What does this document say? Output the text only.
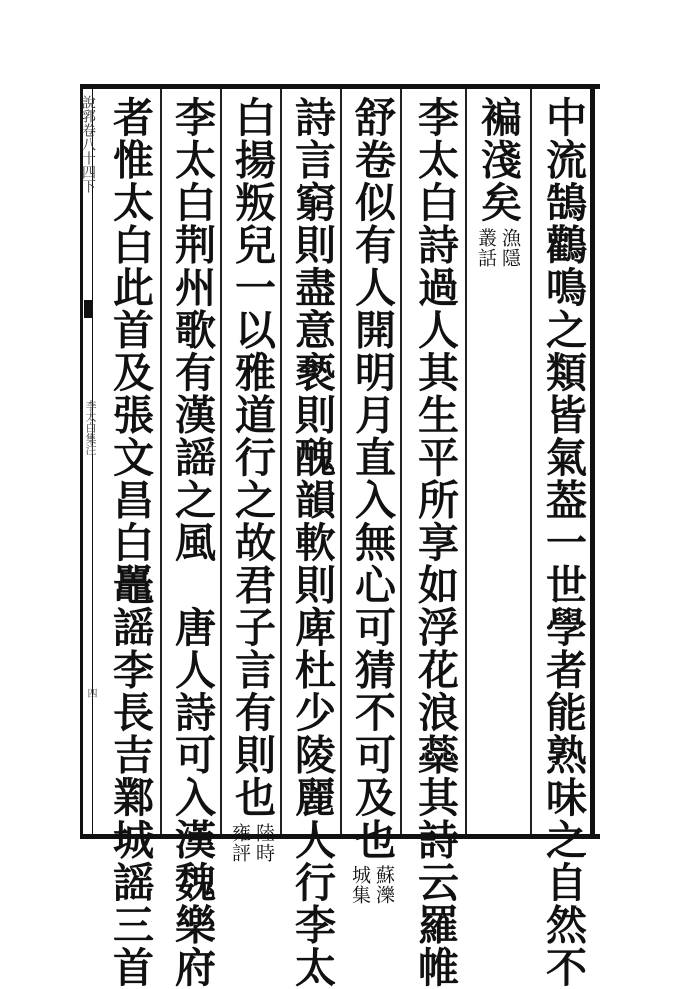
說郛卷八十四下
李太白集注
四	中流鵠鸛鳴之類皆氣葢一世學者能熟味之自然不
褊淺矣
漁隱
叢話
李太白詩過人其生平所享如浮花浪蘂其詩云羅帷
舒卷似有人開明月直入無心可猜不可及也
蘇濼
城集
詩言窮則盡意褻則醜韻軟則庳杜少陵麗人行李太
白揚叛兒一以雅道行之故君子言有則也
陸時
雍評
李太白荆州歌有漢謡之風　唐人詩可入漢魏樂府
者惟太白此首及張文昌白鼉謡李長吉鄴城謡三首
